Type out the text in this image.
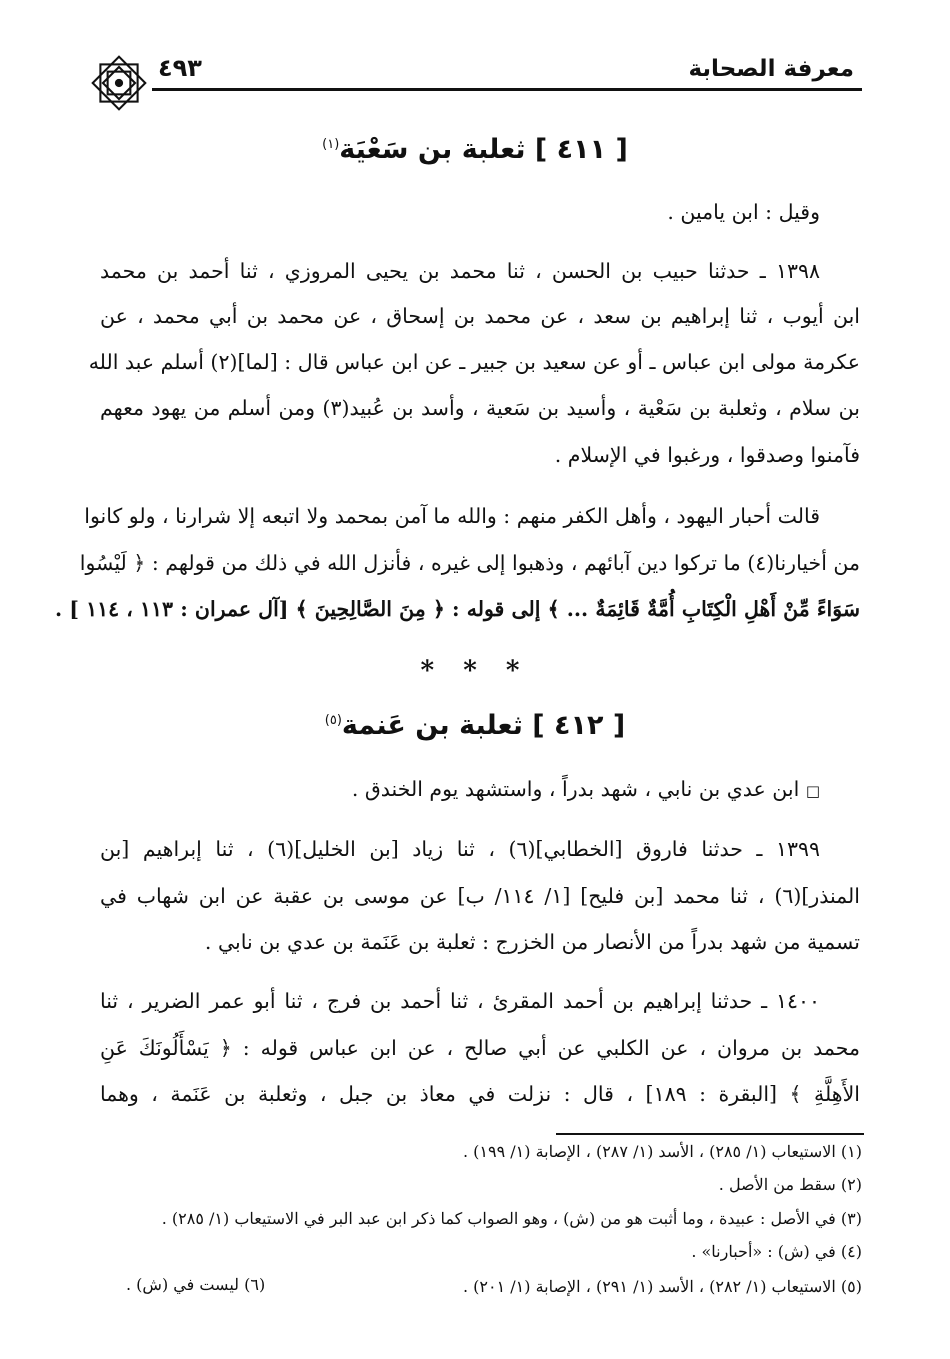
معرفة الصحابة
٤٩٣
[ ٤١١ ] ثعلبة بن سَعْيَة$^{(١)}$
وقيل : ابن يامين .
١٣٩٨ ـ حدثنا حبيب بن الحسن ، ثنا محمد بن يحيى المروزي ، ثنا أحمد بن محمد
ابن أيوب ، ثنا إبراهيم بن سعد ، عن محمد بن إسحاق ، عن محمد بن أبي محمد ، عن
عكرمة مولى ابن عباس ـ أو عن سعيد بن جبير ـ عن ابن عباس قال : [لما](٢) أسلم عبد الله
بن سلام ، وثعلبة بن سَعْية ، وأسيد بن سَعية ، وأسد بن عُبيد(٣) ومن أسلم من يهود معهم
فآمنوا وصدقوا ، ورغبوا في الإسلام .
قالت أحبار اليهود ، وأهل الكفر منهم : والله ما آمن بمحمد ولا اتبعه إلا شرارنا ، ولو كانوا
من أخيارنا(٤) ما تركوا دين آبائهم ، وذهبوا إلى غيره ، فأنزل الله في ذلك من قولهم : ﴿ لَيْسُوا
سَوَاءً مِّنْ أَهْلِ الْكِتَابِ أُمَّةٌ قَائِمَةٌ ... ﴾ إلى قوله : ﴿ مِنَ الصَّالِحِينَ ﴾ [آل عمران : ١١٣ ، ١١٤ ] .
* * *
[ ٤١٢ ] ثعلبة بن عَنمة$^{(٥)}$
□ ابن عدي بن نابي ، شهد بدراً ، واستشهد يوم الخندق .
١٣٩٩ ـ حدثنا فاروق [الخطابي](٦) ، ثنا زياد [بن الخليل](٦) ، ثنا إبراهيم [بن
المنذر](٦) ، ثنا محمد [بن فليح] [١/ ١١٤/ ب] عن موسى بن عقبة عن ابن شهاب في
تسمية من شهد بدراً من الأنصار من الخزرج : ثعلبة بن عَنَمة بن عدي بن نابي .
١٤٠٠ ـ حدثنا إبراهيم بن أحمد المقرئ ، ثنا أحمد بن فرج ، ثنا أبو عمر الضرير ، ثنا
محمد بن مروان ، عن الكلبي عن أبي صالح ، عن ابن عباس قوله : ﴿ يَسْأَلُونَكَ عَنِ
الأَهِلَّةِ ﴾ [البقرة : ١٨٩] ، قال : نزلت في معاذ بن جبل ، وثعلبة بن عَنَمة ، وهما
(١) الاستيعاب (١/ ٢٨٥) ، الأسد (١/ ٢٨٧) ، الإصابة (١/ ١٩٩) .
(٢) سقط من الأصل .
(٣) في الأصل : عبيدة ، وما أثبت هو من (ش) ، وهو الصواب كما ذكر ابن عبد البر في الاستيعاب (١/ ٢٨٥) .
(٤) في (ش) : «أحبارنا» .
(٥) الاستيعاب (١/ ٢٨٢) ، الأسد (١/ ٢٩١) ، الإصابة (١/ ٢٠١) .
(٦) ليست في (ش) .
